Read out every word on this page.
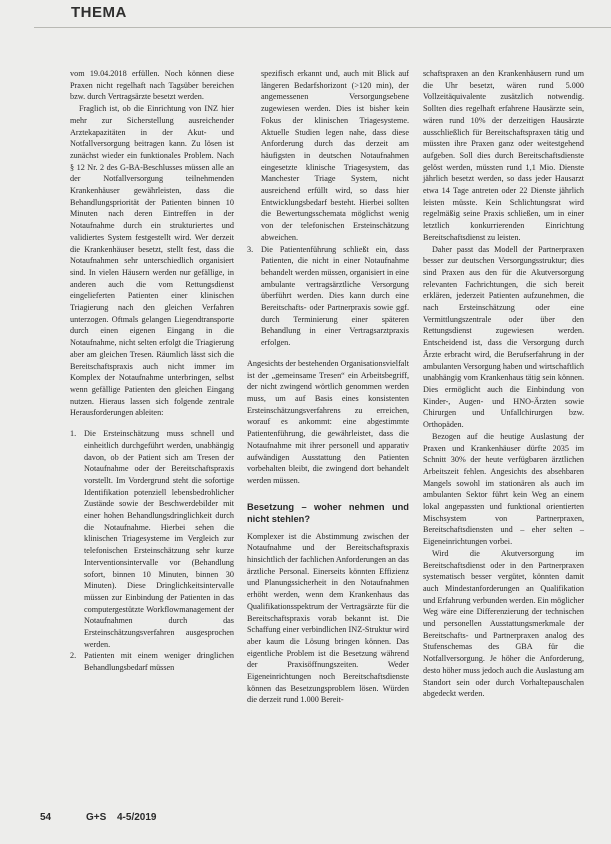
THEMA

vom 19.04.2018 erfüllen. Noch können diese Praxen nicht regelhaft nach Tagsüber bereichen bzw. durch Vertragsärzte besetzt werden.

Fraglich ist, ob die Einrichtung von INZ hier mehr zur Sicherstellung ausreichender Arztekapazitäten in der Akut- und Notfallversorgung beitragen kann. Zu lösen ist zunächst wieder ein funktionales Problem. Nach § 12 Nr. 2 des G-BA-Beschlusses müssen alle an der Notfallversorgung teilnehmenden Krankenhäuser gewährleisten, dass die Behandlungspriorität der Patienten binnen 10 Minuten nach deren Eintreffen in der Notaufnahme durch ein strukturiertes und validiertes System festgestellt wird. Wer derzeit die Krankenhäuser besetzt, stellt fest, dass die Notaufnahmen sehr unterschiedlich organisiert sind. In vielen Häusern werden nur gefällige, in anderen auch die vom Rettungsdienst eingelieferten Patienten einer klinischen Triagierung nach den gleichen Verfahren unterzogen. Oftmals gelangen Liegendtransporte durch einen eigenen Eingang in die Notaufnahme, nicht selten erfolgt die Triagierung aber am gleichen Tresen. Räumlich lässt sich die Bereitschaftspraxis auch nicht immer im Komplex der Notaufnahme unterbringen, selbst wenn gefällige Patienten den gleichen Eingang nutzen. Hieraus lassen sich folgende zentrale Herausforderungen ableiten:

1. Die Ersteinschätzung muss schnell und einheitlich durchgeführt werden, unabhängig davon, ob der Patient sich am Tresen der Notaufnahme oder der Bereitschaftspraxis vorstellt. Im Vordergrund steht die sofortige Identifikation potenziell lebensbedrohlicher Zustände sowie der Beschwerdebilder mit einer hohen Behandlungsdringlichkeit durch die Notaufnahme. Hierbei sehen die klinischen Triagesysteme im Vergleich zur telefonischen Ersteinschätzung sehr kurze Interventionsintervalle vor (Behandlung sofort, binnen 10 Minuten, binnen 30 Minuten). Diese Dringlichkeitsintervalle müssen zur Einbindung der Patienten in das computergestützte Workflowmanagement der Notaufnahmen durch das Ersteinschätzungsverfahren ausgesprochen werden.
2. Patienten mit einem weniger dringlichen Behandlungsbedarf müssen
spezifisch erkannt und, auch mit Blick auf längeren Bedarfshorizont (>120 min), der angemessenen Versorgungsebene zugewiesen werden. Dies ist bisher kein Fokus der klinischen Triagesysteme. Aktuelle Studien legen nahe, dass diese Anforderung durch das derzeit am häufigsten in deutschen Notaufnahmen eingesetzte klinische Triagesystem, das Manchester Triage System, nicht ausreichend erfüllt wird, so dass hier Entwicklungsbedarf besteht. Hierbei sollten die Bewertungsschemata möglichst wenig von der telefonischen Ersteinschätzung abweichen.
3. Die Patientenführung schließt ein, dass Patienten, die nicht in einer Notaufnahme behandelt werden müssen, organisiert in eine ambulante vertragsärztliche Versorgung überführt werden. Dies kann durch eine Bereitschafts- oder Partnerpraxis sowie ggf. durch Terminierung einer späteren Behandlung in einer Vertragsarztpraxis erfolgen.

Angesichts der bestehenden Organisationsvielfalt ist der „gemeinsame Tresen“ ein Arbeitsbegriff, der nicht zwingend wörtlich genommen werden muss, um auf Basis eines konsistenten Ersteinschätzungsverfahrens zu erreichen, worauf es ankommt: eine abgestimmte Patientenführung, die gewährleistet, dass die Notaufnahme mit ihrer personell und apparativ aufwändigen Ausstattung den Patienten vorbehalten bleibt, die zwingend dort behandelt werden müssen.

Besetzung – woher nehmen und nicht stehlen?

Komplexer ist die Abstimmung zwischen der Notaufnahme und der Bereitschaftspraxis hinsichtlich der fachlichen Anforderungen an das ärztliche Personal. Einerseits könnten Effizienz und Planungssicherheit in den Notaufnahmen erhöht werden, wenn dem Krankenhaus das Qualifikationsspektrum der Vertragsärzte für die Bereitschaftspraxis vorab bekannt ist. Die Schaffung einer verbindlichen INZ-Struktur wird aber kaum die Lösung bringen können. Das eigentliche Problem ist die Besetzung während der Praxisöffnungszeiten. Weder Eigeneinrichtungen noch Bereitschaftsdienste können das Besetzungsproblem lösen. Würden die derzeit rund 1.000 Bereit-

schaftspraxen an den Krankenhäusern rund um die Uhr besetzt, wären rund 5.000 Vollzeitäquivalente zusätzlich notwendig. Sollten dies regelhaft erfahrene Hausärzte sein, wären rund 10% der derzeitigen Hausärzte ausschließlich für Bereitschaftspraxen tätig und müssten ihre Praxen ganz oder weitestgehend aufgeben. Soll dies durch Bereitschaftsdienste gelöst werden, müssten rund 1,1 Mio. Dienste jährlich besetzt werden, so dass jeder Hausarzt etwa 14 Tage antreten oder 22 Dienste jährlich leisten müsste. Kein Schlichtungsrat wird regelmäßig seine Praxis schließen, um in einer letztlich konkurrierenden Einrichtung Bereitschaftsdienst zu leisten.

Daher passt das Modell der Partnerpraxen besser zur deutschen Versorgungsstruktur; dies sind Praxen aus den für die Akutversorgung relevanten Fachrichtungen, die sich bereit erklären, jederzeit Patienten aufzunehmen, die nach Ersteinschätzung oder eine Vermittlungszentrale oder über den Rettungsdienst zugewiesen werden. Entscheidend ist, dass die Versorgung durch Ärzte erbracht wird, die Berufserfahrung in der ambulanten Versorgung haben und wirtschaftlich unabhängig vom Krankenhaus tätig sein können. Dies ermöglicht auch die Einbindung von Kinder-, Augen- und HNO-Ärzten sowie Chirurgen und Unfallchirurgen bzw. Orthopäden.

Bezogen auf die heutige Auslastung der Praxen und Krankenhäuser dürfte 2035 im Schnitt 30% der heute verfügbaren ärztlichen Arbeitszeit fehlen. Angesichts des absehbaren Mangels sowohl im stationären als auch im ambulanten Sektor führt kein Weg an einem lokal angepassten und funktional orientierten Mischsystem von Partnerpraxen, Bereitschaftsdiensten und – eher selten – Eigeneinrichtungen vorbei.

Wird die Akutversorgung im Bereitschaftsdienst oder in den Partnerpraxen systematisch besser vergütet, könnten damit auch Mindestanforderungen an Qualifikation und Erfahrung verbunden werden. Ein möglicher Weg wäre eine Differenzierung der technischen und personellen Ausstattungsmerkmale der Bereitschafts- und Partnerpraxen analog des Stufenschemas des GBA für die Notfallversorgung. Je höher die Anforderung, desto höher muss jedoch auch die Auslastung am Standort sein oder durch Vorhaltepauschalen abgedeckt werden.

54	G+S 4-5/2019
